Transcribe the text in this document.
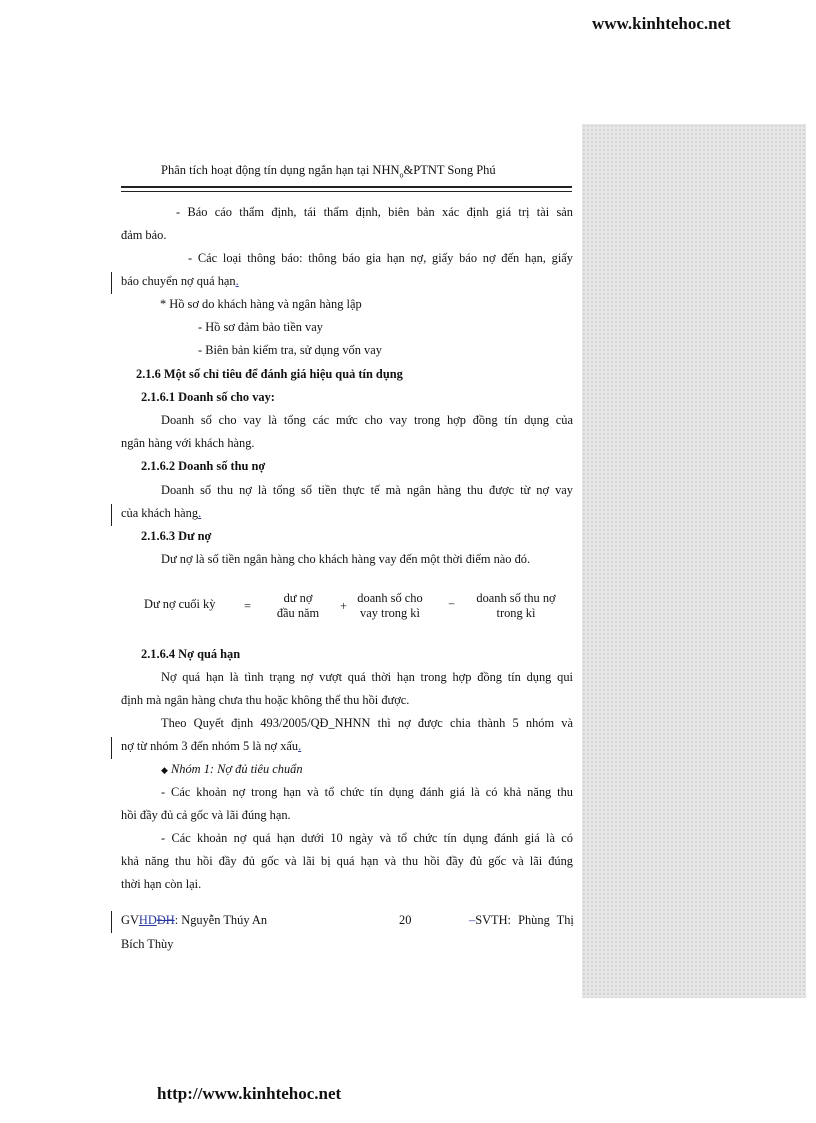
www.kinhtehoc.net
Phân tích hoạt động tín dụng ngắn hạn tại $NHN_o\&PTNT$ Song Phú
- Báo cáo thẩm định, tái thẩm định, biên bản xác định giá trị tài sản
đảm bảo.
- Các loại thông báo: thông báo gia hạn nợ, giấy báo nợ đến hạn, giấy
báo chuyển nợ quá hạn.
* Hồ sơ do khách hàng và ngân hàng lập
- Hồ sơ đảm bảo tiền vay
- Biên bản kiểm tra, sử dụng vốn vay
2.1.6 Một số chỉ tiêu để đánh giá hiệu quả tín dụng
2.1.6.1 Doanh số cho vay:
Doanh số cho vay là tổng các mức cho vay trong hợp đồng tín dụng của
ngân hàng với khách hàng.
2.1.6.2 Doanh số thu nợ
Doanh số thu nợ là tổng số tiền thực tế mà ngân hàng thu được từ nợ vay
của khách hàng.
2.1.6.3 Dư nợ
Dư nợ là số tiền ngân hàng cho khách hàng vay đến một thời điểm nào đó.
Dư nợ cuối kỳ =
dư nợ
đầu năm	+
doanh số cho
vay trong kì
−	doanh số thu nợ
trong kì
2.1.6.4 Nợ quá hạn
Nợ quá hạn là tình trạng nợ vượt quá thời hạn trong hợp đồng tín dụng qui
định mà ngân hàng chưa thu hoặc không thể thu hồi được.
Theo Quyết định 493/2005/QĐ_NHNN thì nợ được chia thành 5 nhóm và
nợ từ nhóm 3 đến nhóm 5 là nợ xấu.
◆ Nhóm 1: Nợ đủ tiêu chuẩn
- Các khoản nợ trong hạn và tổ chức tín dụng đánh giá là có khả năng thu
hồi đầy đủ cả gốc và lãi đúng hạn.
- Các khoản nợ quá hạn dưới 10 ngày và tổ chức tín dụng đánh giá là có
khả năng thu hồi đầy đủ gốc và lãi bị quá hạn và thu hồi đầy đủ gốc và lãi đúng
thời hạn còn lại.
GVHDĐH: Nguyễn Thúy An	20	–SVTH: Phùng Thị
Bích Thùy
http://www.kinhtehoc.net
